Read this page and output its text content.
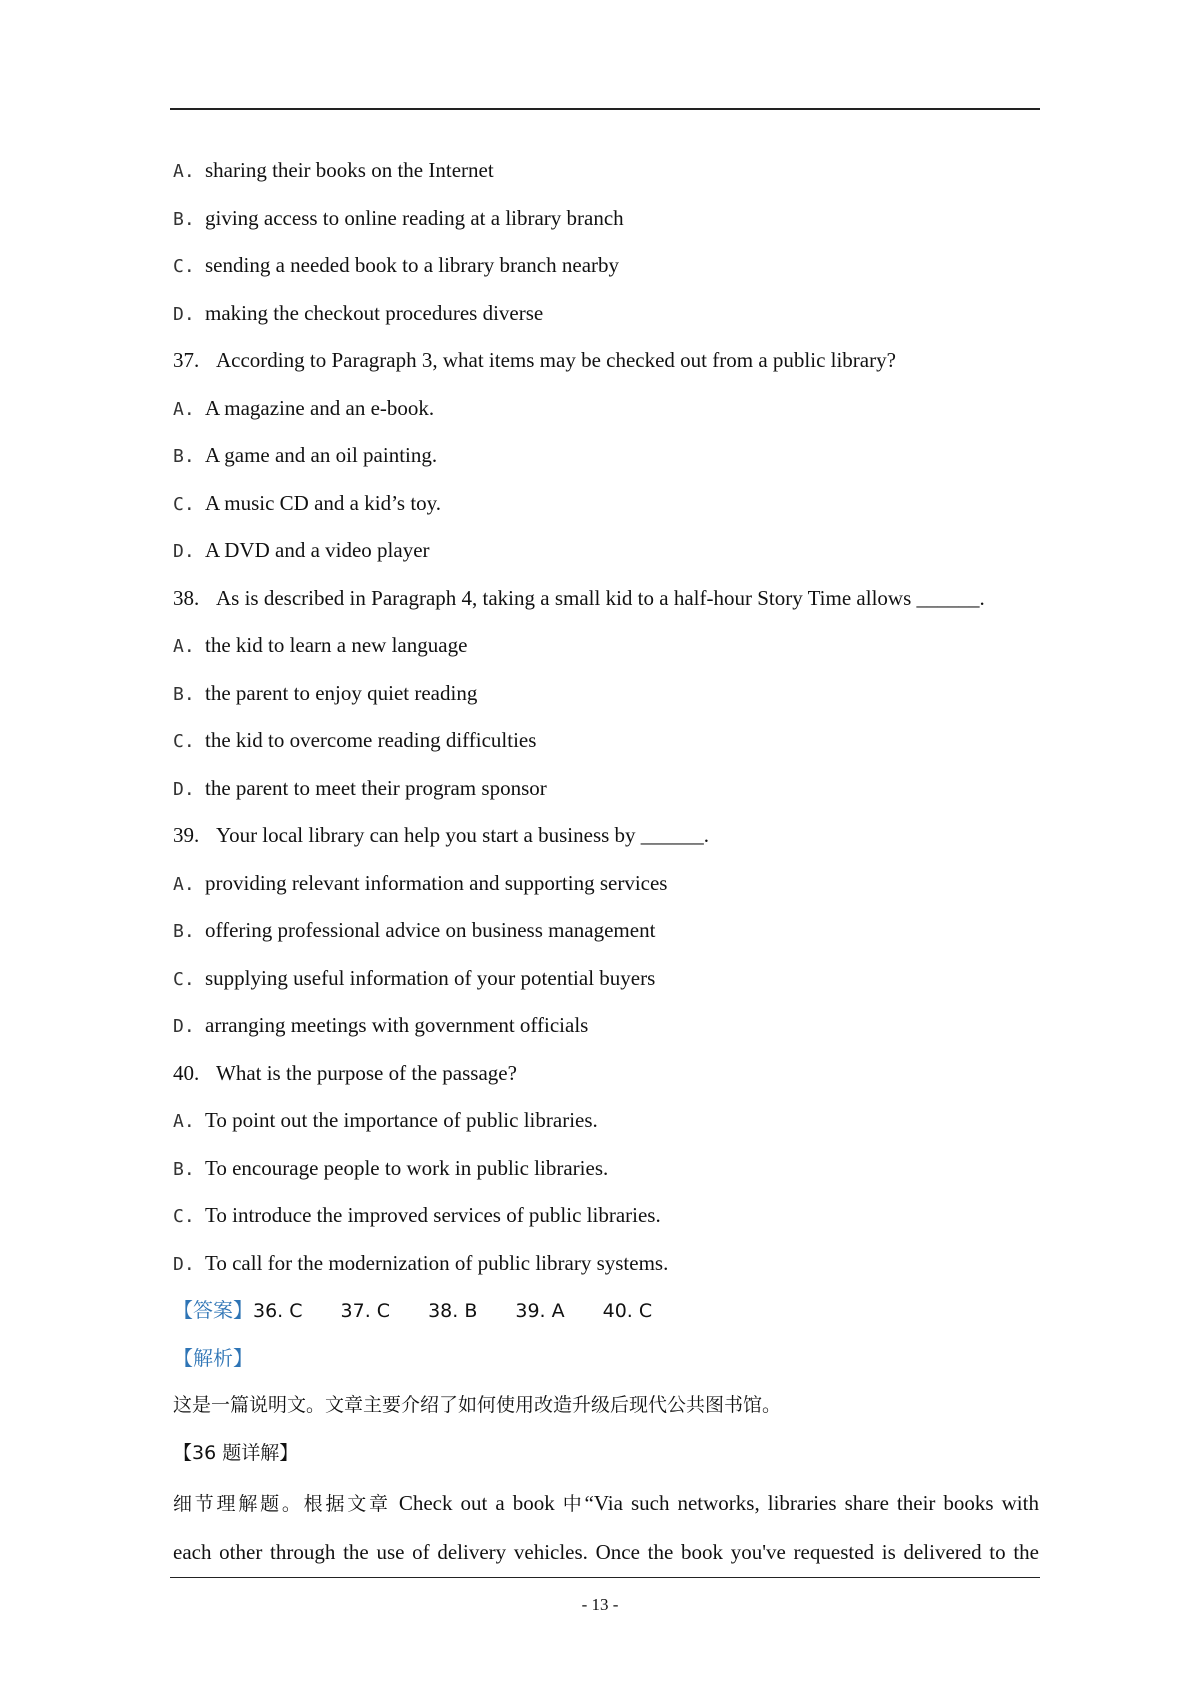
A. sharing their books on the Internet
B. giving access to online reading at a library branch
C. sending a needed book to a library branch nearby
D. making the checkout procedures diverse
37. According to Paragraph 3, what items may be checked out from a public library?
A. A magazine and an e-book.
B. A game and an oil painting.
C. A music CD and a kid’s toy.
D. A DVD and a video player
38. As is described in Paragraph 4, taking a small kid to a half-hour Story Time allows ______.
A. the kid to learn a new language
B. the parent to enjoy quiet reading
C. the kid to overcome reading difficulties
D. the parent to meet their program sponsor
39. Your local library can help you start a business by ______.
A. providing relevant information and supporting services
B. offering professional advice on business management
C. supplying useful information of your potential buyers
D. arranging meetings with government officials
40. What is the purpose of the passage?
A. To point out the importance of public libraries.
B. To encourage people to work in public libraries.
C. To introduce the improved services of public libraries.
D. To call for the modernization of public library systems.
【答案】36. C 37. C 38. B 39. A 40. C
【解析】
这是一篇说明文。文章主要介绍了如何使用改造升级后现代公共图书馆。
【36 题详解】
细节理解题。根据文章 Check out a book 中“Via such networks, libraries share their books with
each other through the use of delivery vehicles. Once the book you've requested is delivered to the
- 13 -
